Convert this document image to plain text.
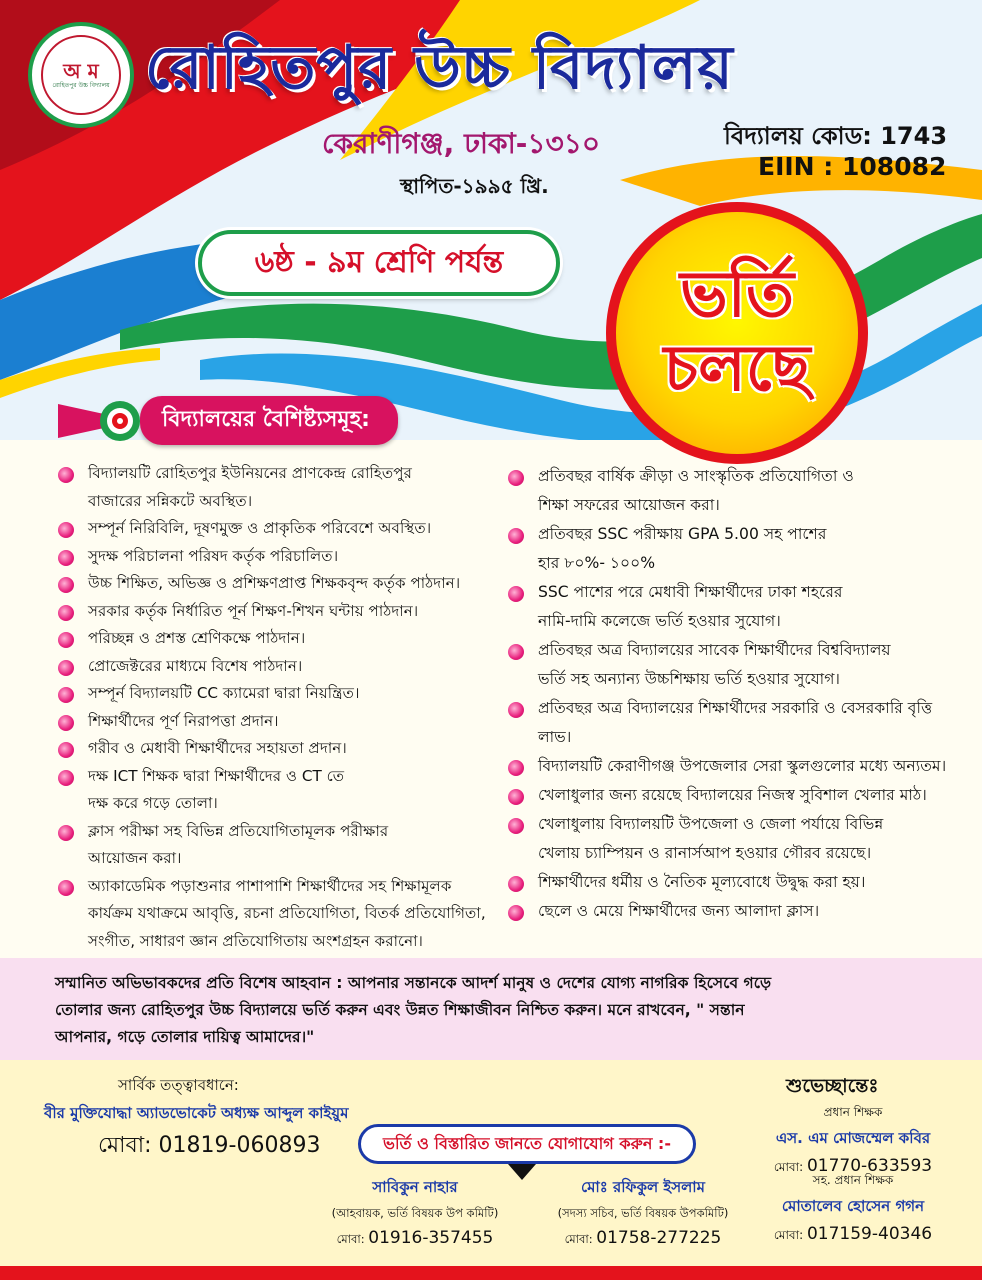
অ ম
রোহিতপুর উচ্চ বিদ্যালয় রোহিতপুর উচ্চ বিদ্যালয়
কেরাণীগঞ্জ, ঢাকা-১৩১০
স্থাপিত-১৯৯৫ খ্রি.
বিদ্যালয় কোড: 1743
EIIN : 108082
৬ষ্ঠ - ৯ম শ্রেণি পর্যন্ত	ভর্তি
চলছে
বিদ্যালয়ের বৈশিষ্ট্যসমূহ:
বিদ্যালয়টি রোহিতপুর ইউনিয়নের প্রাণকেন্দ্র রোহিতপুর
বাজারের সন্নিকটে অবস্থিত।
সম্পূর্ন নিরিবিলি, দূষণমুক্ত ও প্রাকৃতিক পরিবেশে অবস্থিত।
সুদক্ষ পরিচালনা পরিষদ কর্তৃক পরিচালিত।
উচ্চ শিক্ষিত, অভিজ্ঞ ও প্রশিক্ষণপ্রাপ্ত শিক্ষকবৃন্দ কর্তৃক পাঠদান।
সরকার কর্তৃক নির্ধারিত পূর্ন শিক্ষণ-শিখন ঘন্টায় পাঠদান।
পরিচ্ছন্ন ও প্রশস্ত শ্রেণিকক্ষে পাঠদান।
প্রোজেক্টরের মাধ্যমে বিশেষ পাঠদান।
সম্পূর্ন বিদ্যালয়টি CC ক্যামেরা দ্বারা নিয়ন্ত্রিত।
শিক্ষার্থীদের পূর্ণ নিরাপত্তা প্রদান।
গরীব ও মেধাবী শিক্ষার্থীদের সহায়তা প্রদান।
দক্ষ ICT শিক্ষক দ্বারা শিক্ষার্থীদের ও CT তে
দক্ষ করে গড়ে তোলা।
ক্লাস পরীক্ষা সহ বিভিন্ন প্রতিযোগিতামূলক পরীক্ষার
আয়োজন করা।
অ্যাকাডেমিক পড়াশুনার পাশাপাশি শিক্ষার্থীদের সহ শিক্ষামূলক
কার্যক্রম যথাক্রমে আবৃত্তি, রচনা প্রতিযোগিতা, বিতর্ক প্রতিযোগিতা,
সংগীত, সাধারণ জ্ঞান প্রতিযোগিতায় অংশগ্রহন করানো।
প্রতিবছর বার্ষিক ক্রীড়া ও সাংস্কৃতিক প্রতিযোগিতা ও
শিক্ষা সফরের আয়োজন করা।
প্রতিবছর SSC পরীক্ষায় GPA 5.00 সহ পাশের
হার ৮০%- ১০০%
SSC পাশের পরে মেধাবী শিক্ষার্থীদের ঢাকা শহরের
নামি-দামি কলেজে ভর্তি হওয়ার সুযোগ।
প্রতিবছর অত্র বিদ্যালয়ের সাবেক শিক্ষার্থীদের বিশ্ববিদ্যালয়
ভর্তি সহ অন্যান্য উচ্চশিক্ষায় ভর্তি হওয়ার সুযোগ।
প্রতিবছর অত্র বিদ্যালয়ের শিক্ষার্থীদের সরকারি ও বেসরকারি বৃত্তি লাভ।
বিদ্যালয়টি কেরাণীগঞ্জ উপজেলার সেরা স্কুলগুলোর মধ্যে অন্যতম।
খেলাধুলার জন্য রয়েছে বিদ্যালয়ের নিজস্ব সুবিশাল খেলার মাঠ।
খেলাধুলায় বিদ্যালয়টি উপজেলা ও জেলা পর্যায়ে বিভিন্ন
খেলায় চ্যাম্পিয়ন ও রানার্সআপ হওয়ার গৌরব রয়েছে।
শিক্ষার্থীদের ধর্মীয় ও নৈতিক মূল্যবোধে উদ্বুদ্ধ করা হয়।
ছেলে ও মেয়ে শিক্ষার্থীদের জন্য আলাদা ক্লাস।
সম্মানিত অভিভাবকদের প্রতি বিশেষ আহবান : আপনার সন্তানকে আদর্শ মানুষ ও দেশের যোগ্য নাগরিক হিসেবে গড়ে
তোলার জন্য রোহিতপুর উচ্চ বিদ্যালয়ে ভর্তি করুন এবং উন্নত শিক্ষাজীবন নিশ্চিত করুন। মনে রাখবেন, " সন্তান
আপনার, গড়ে তোলার দায়িত্ব আমাদের।"
সার্বিক তত্ত্বাবধানে:
বীর মুক্তিযোদ্ধা অ্যাডভোকেট অধ্যক্ষ আব্দুল কাইয়ুম
মোবা: 01819-060893	ভর্তি ও বিস্তারিত জানতে যোগাযোগ করুন :-
সাবিকুন নাহার
(আহবায়ক, ভর্তি বিষয়ক উপ কমিটি)
মোবা: 01916-357455
মোঃ রফিকুল ইসলাম
(সদস্য সচিব, ভর্তি বিষয়ক উপকমিটি)
মোবা: 01758-277225
শুভেচ্ছান্তেঃ
প্রধান শিক্ষক
এস. এম মোজম্মেল কবির
মোবা: 01770-633593
সহ. প্রধান শিক্ষক
মোতালেব হোসেন গগন
মোবা: 017159-40346
